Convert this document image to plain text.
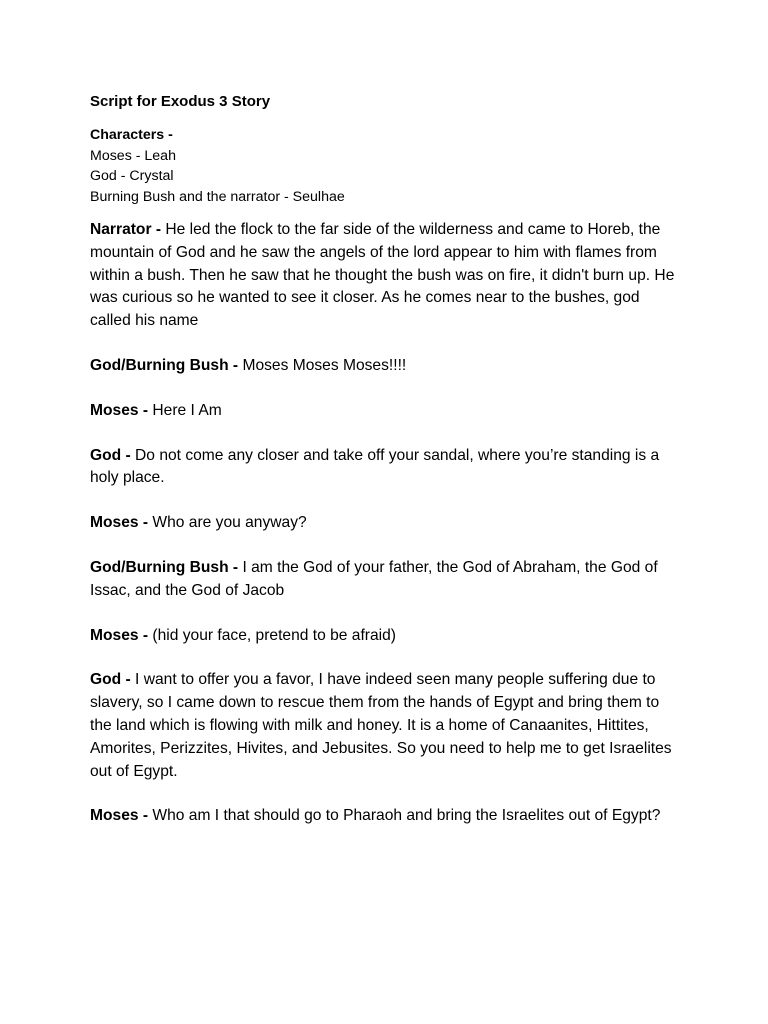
Script for Exodus 3 Story
Characters -
Moses - Leah
God - Crystal
Burning Bush and the narrator - Seulhae
Narrator - He led the flock to the far side of the wilderness and came to Horeb, the mountain of God and he saw the angels of the lord appear to him with flames from within a bush. Then he saw that he thought the bush was on fire, it didn't burn up. He was curious so he wanted to see it closer. As he comes near to the bushes, god called his name
God/Burning Bush - Moses Moses Moses!!!!
Moses - Here I Am
God - Do not come any closer and take off your sandal, where you’re standing is a holy place.
Moses - Who are you anyway?
God/Burning Bush - I am the God of your father, the God of Abraham, the God of Issac, and the God of Jacob
Moses - (hid your face, pretend to be afraid)
God - I want to offer you a favor, I have indeed seen many people suffering due to slavery, so I came down to rescue them from the hands of Egypt and bring them to the land which is flowing with milk and honey. It is a home of Canaanites, Hittites, Amorites, Perizzites, Hivites, and Jebusites. So you need to help me to get Israelites out of Egypt.
Moses - Who am I that should go to Pharaoh and bring the Israelites out of Egypt?
